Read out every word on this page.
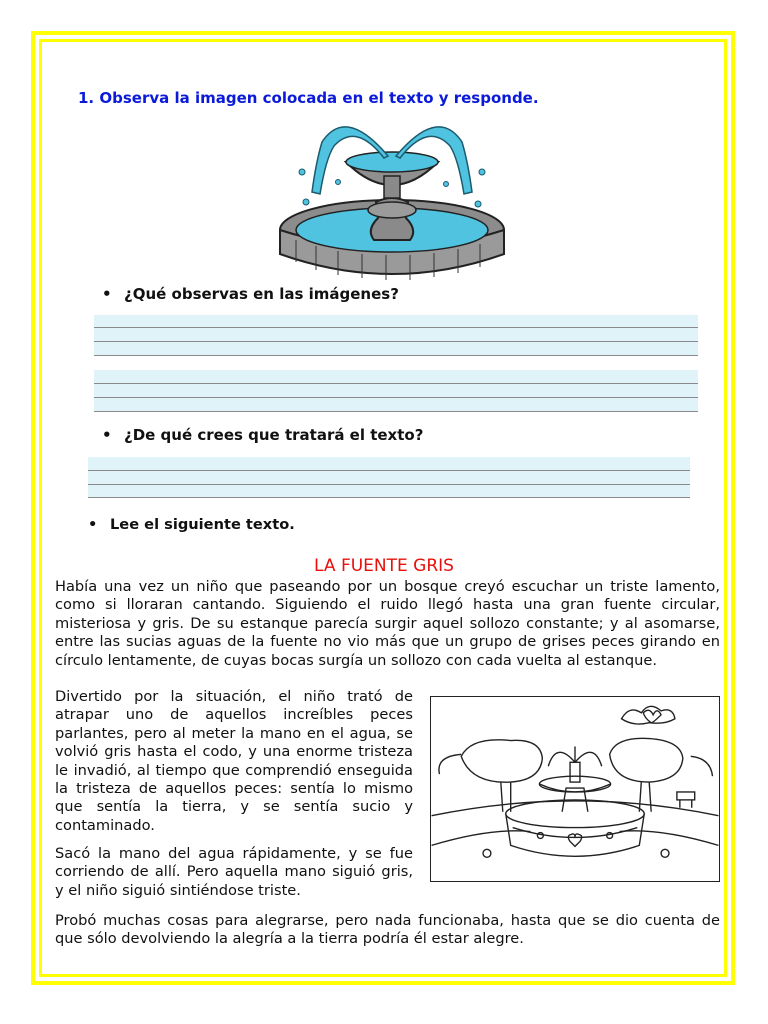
1. Observa la imagen colocada en el texto y responde.
• ¿Qué observas en las imágenes?
• ¿De qué crees que tratará el texto?
• Lee el siguiente texto.
LA FUENTE GRIS

Había una vez un niño que paseando por un bosque creyó escuchar un triste lamento, como si lloraran cantando. Siguiendo el ruido llegó hasta una gran fuente circular, misteriosa y gris. De su estanque parecía surgir aquel sollozo constante; y al asomarse, entre las sucias aguas de la fuente no vio más que un grupo de grises peces girando en círculo lentamente, de cuyas bocas surgía un sollozo con cada vuelta al estanque.

Divertido por la situación, el niño trató de atrapar uno de aquellos increíbles peces parlantes, pero al meter la mano en el agua, se volvió gris hasta el codo, y una enorme tristeza le invadió, al tiempo que comprendió enseguida la tristeza de aquellos peces: sentía lo mismo que sentía la tierra, y se sentía sucio y contaminado.

Sacó la mano del agua rápidamente, y se fue corriendo de allí. Pero aquella mano siguió gris, y el niño siguió sintiéndose triste.

Probó muchas cosas para alegrarse, pero nada funcionaba, hasta que se dio cuenta de que sólo devolviendo la alegría a la tierra podría él estar alegre.
